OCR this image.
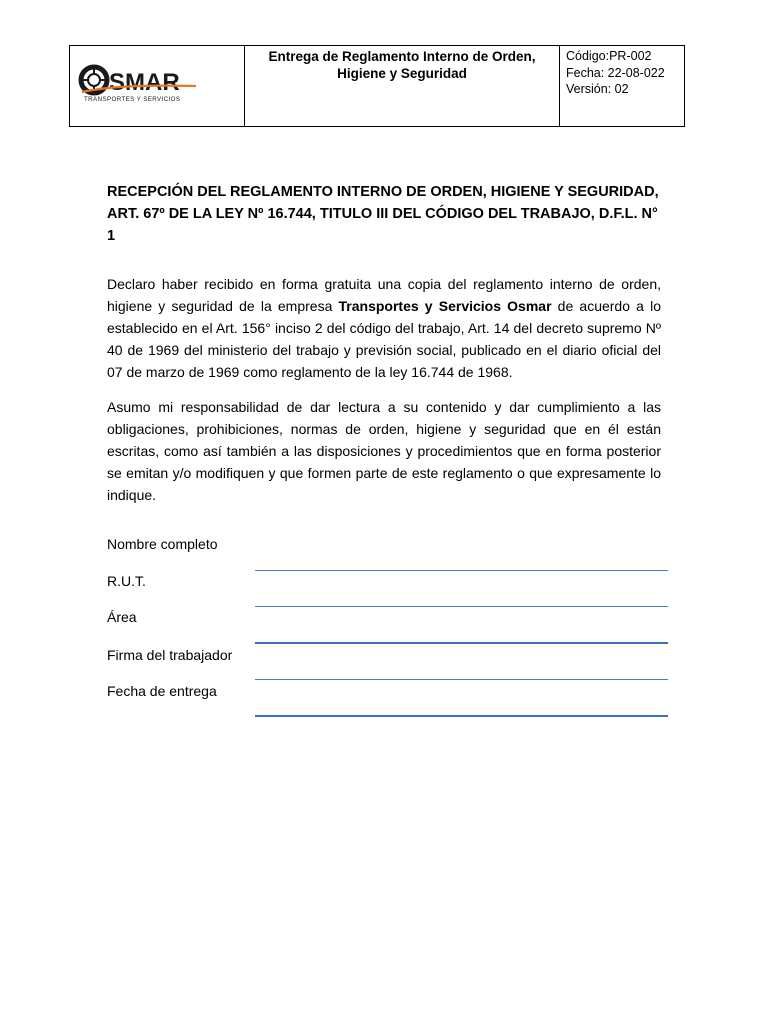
SMAR
TRANSPORTES Y SERVICIOS
Entrega de Reglamento Interno de Orden, Higiene y Seguridad
Código:PR-002
Fecha: 22-08-022
Versión: 02
RECEPCIÓN DEL REGLAMENTO INTERNO DE ORDEN, HIGIENE Y SEGURIDAD, ART. 67º DE LA LEY Nº 16.744, TITULO III DEL CÓDIGO DEL TRABAJO, D.F.L. N° 1

Declaro haber recibido en forma gratuita una copia del reglamento interno de orden, higiene y seguridad de la empresa Transportes y Servicios Osmar de acuerdo a lo establecido en el Art. 156° inciso 2 del código del trabajo, Art. 14 del decreto supremo Nº 40 de 1969 del ministerio del trabajo y previsión social, publicado en el diario oficial del 07 de marzo de 1969 como reglamento de la ley 16.744 de 1968.

Asumo mi responsabilidad de dar lectura a su contenido y dar cumplimiento a las obligaciones, prohibiciones, normas de orden, higiene y seguridad que en él están escritas, como así también a las disposiciones y procedimientos que en forma posterior se emitan y/o modifiquen y que formen parte de este reglamento o que expresamente lo indique.

Nombre completo
R.U.T.
Área
Firma del trabajador
Fecha de entrega
